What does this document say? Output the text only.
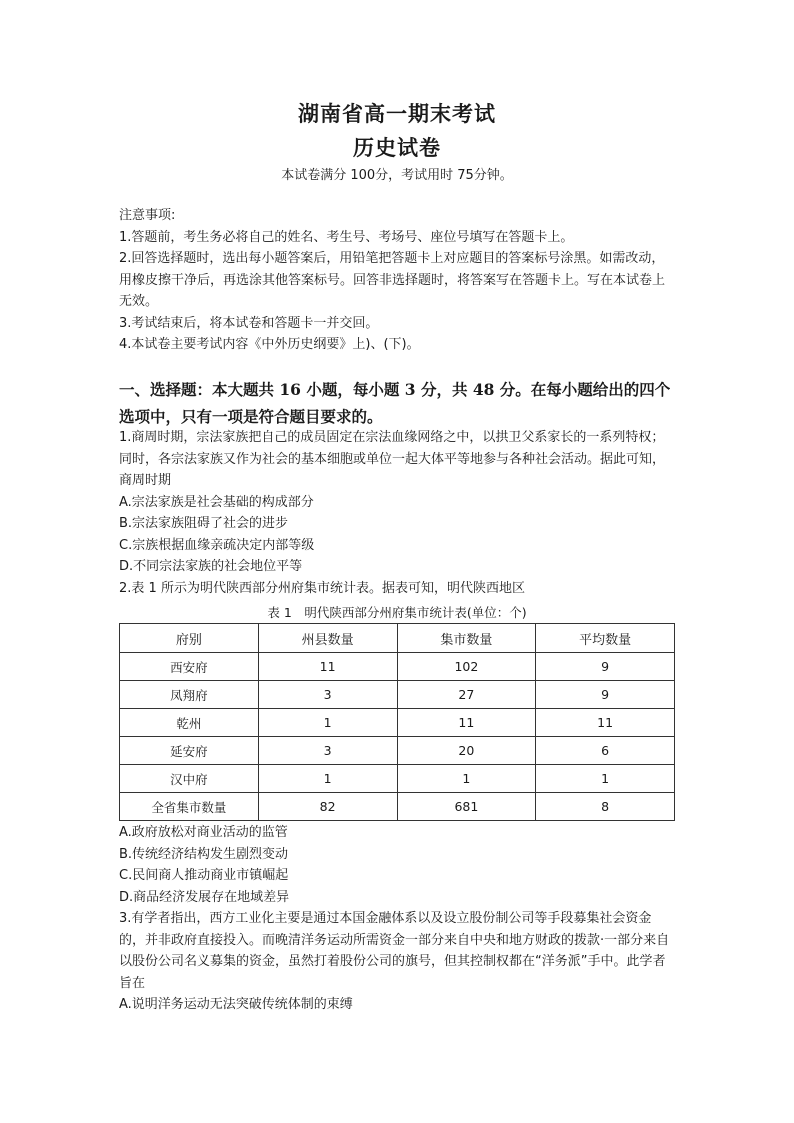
湖南省高一期末考试
历史试卷
本试卷满分 100分，考试用时 75分钟。

注意事项:

1.答题前，考生务必将自己的姓名、考生号、考场号、座位号填写在答题卡上。

2.回答选择题时，选出每小题答案后，用铅笔把答题卡上对应题目的答案标号涂黑。如需改动，用橡皮擦干净后，再选涂其他答案标号。回答非选择题时，将答案写在答题卡上。写在本试卷上无效。

3.考试结束后，将本试卷和答题卡一并交回。

4.本试卷主要考试内容《中外历史纲要》上)、(下)。

一、选择题：本大题共 16 小题，每小题 3 分，共 48 分。在每小题给出的四个选项中，只有一项是符合题目要求的。

1.商周时期，宗法家族把自己的成员固定在宗法血缘网络之中，以拱卫父系家长的一系列特权；同时，各宗法家族又作为社会的基本细胞或单位一起大体平等地参与各种社会活动。据此可知，商周时期

A.宗法家族是社会基础的构成部分

B.宗法家族阻碍了社会的进步

C.宗族根据血缘亲疏决定内部等级

D.不同宗法家族的社会地位平等

2.表 1 所示为明代陕西部分州府集市统计表。据表可知，明代陕西地区

表 1　明代陕西部分州府集市统计表(单位：个)
府别	州县数量	集市数量	平均数量
西安府	11	102	9
凤翔府	3	27	9
乾州	1	11	11
延安府	3	20	6
汉中府	1	1	1
全省集市数量	82	681	8

A.政府放松对商业活动的监管

B.传统经济结构发生剧烈变动

C.民间商人推动商业市镇崛起

D.商品经济发展存在地域差异

3.有学者指出，西方工业化主要是通过本国金融体系以及设立股份制公司等手段募集社会资金的，并非政府直接投入。而晚清洋务运动所需资金一部分来自中央和地方财政的拨款·一部分来自以股份公司名义募集的资金，虽然打着股份公司的旗号，但其控制权都在“洋务派”手中。此学者旨在

A.说明洋务运动无法突破传统体制的束缚
